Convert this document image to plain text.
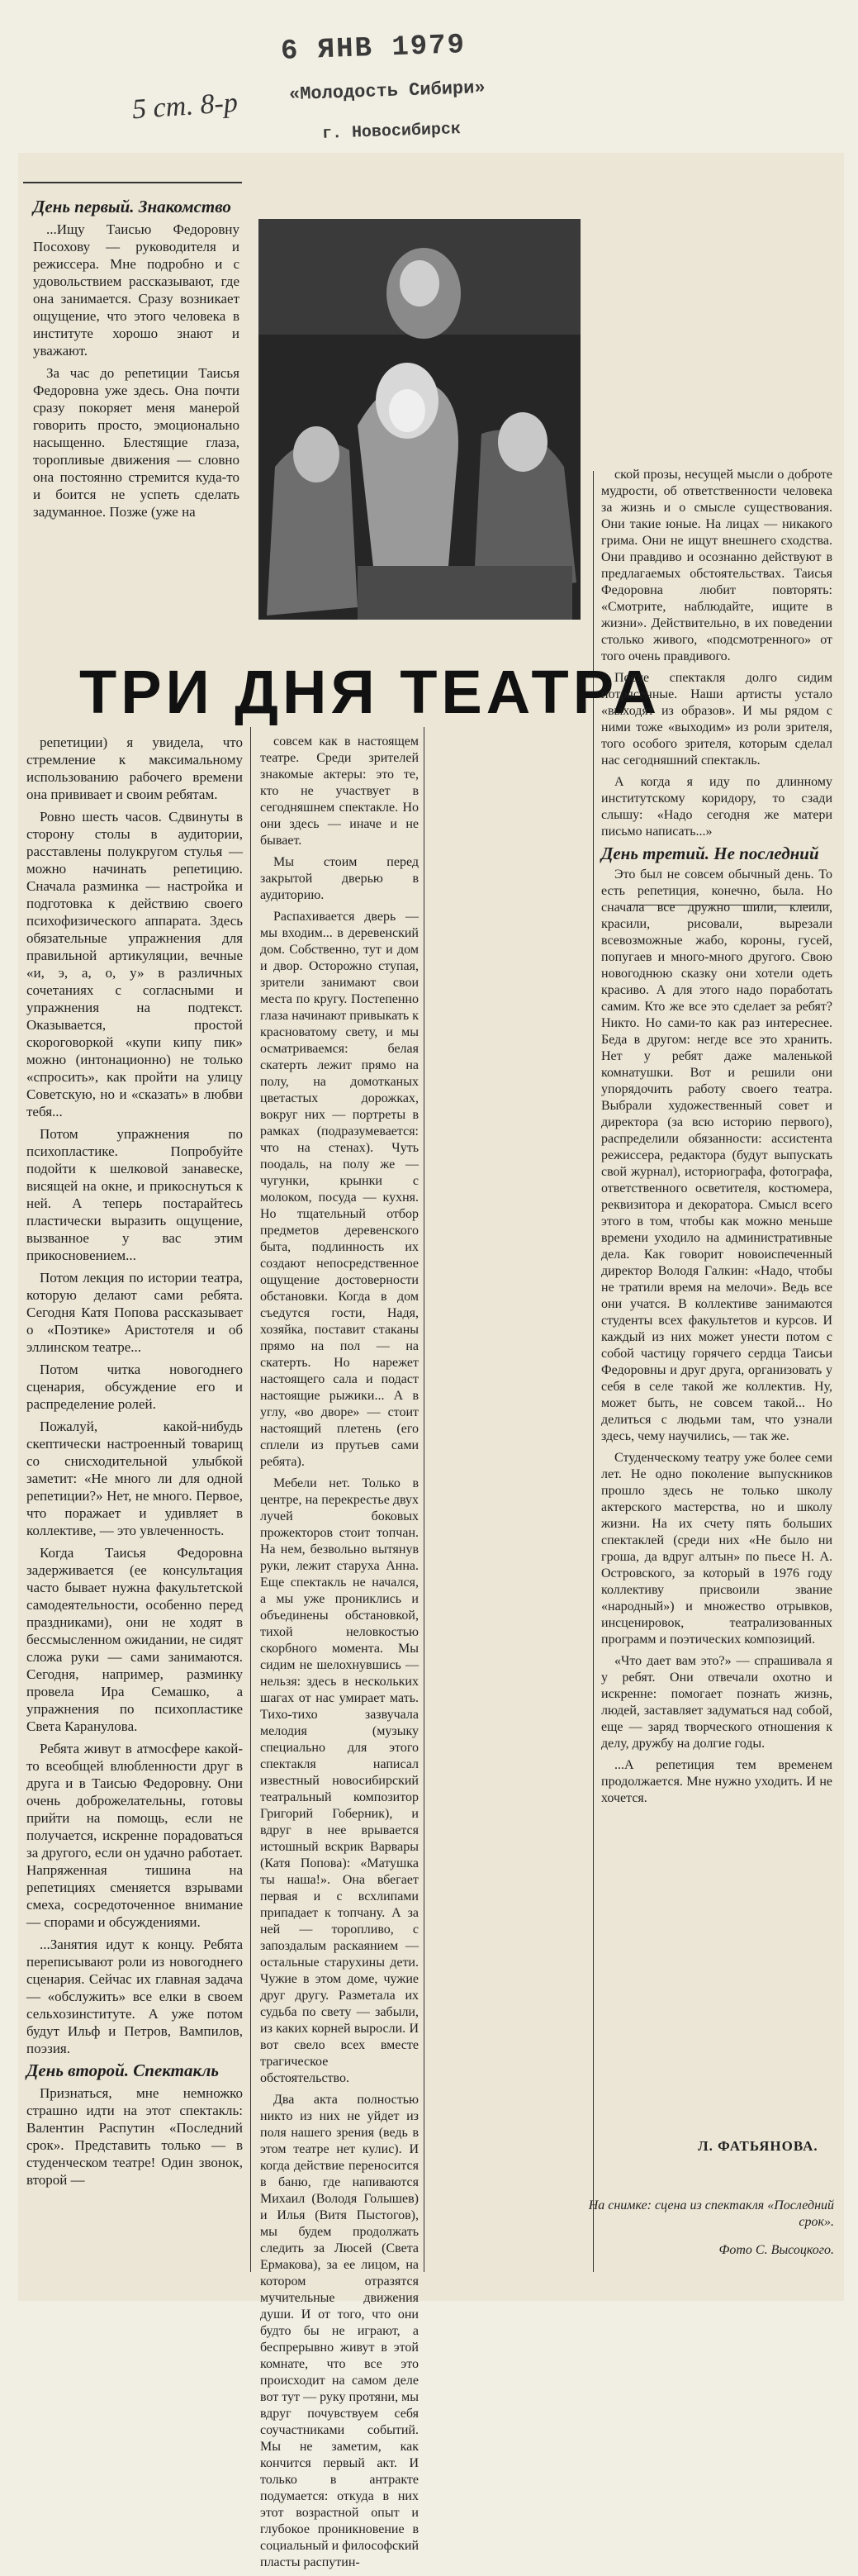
6 ЯНВ 1979
«Молодость Сибири»
г. Новосибирск
5 ст. 8-р

День первый. Знакомство

...Ищу Таисью Федоровну Посохову — руководителя и режиссера. Мне подробно и с удовольствием рассказывают, где она занимается. Сразу возникает ощущение, что этого человека в институте хорошо знают и уважают.

За час до репетиции Таисья Федоровна уже здесь. Она почти сразу покоряет меня манерой говорить просто, эмоционально насыщенно. Блестящие глаза, торопливые движения — словно она постоянно стремится куда-то и боится не успеть сделать задуманное. Позже (уже на

ТРИ ДНЯ ТЕАТРА

репетиции) я увидела, что стремление к максимальному использованию рабочего времени она прививает и своим ребятам.

Ровно шесть часов. Сдвинуты в сторону столы в аудитории, расставлены полукругом стулья — можно начинать репетицию. Сначала разминка — настройка и подготовка к действию своего психофизического аппарата. Здесь обязательные упражнения для правильной артикуляции, вечные «и, э, а, о, у» в различных сочетаниях с согласными и упражнения на подтекст. Оказывается, простой скороговоркой «купи кипу пик» можно (интонационно) не только «спросить», как пройти на улицу Советскую, но и «сказать» в любви тебя...

Потом упражнения по психопластике. Попробуйте подойти к шелковой занавеске, висящей на окне, и прикоснуться к ней. А теперь постарайтесь пластически выразить ощущение, вызванное у вас этим прикосновением...

Потом лекция по истории театра, которую делают сами ребята. Сегодня Катя Попова рассказывает о «Поэтике» Аристотеля и об эллинском театре...

Потом читка новогоднего сценария, обсуждение его и распределение ролей.

Пожалуй, какой-нибудь скептически настроенный товарищ со снисходительной улыбкой заметит: «Не много ли для одной репетиции?» Нет, не много. Первое, что поражает и удивляет в коллективе, — это увлеченность.

Когда Таисья Федоровна задерживается (ее консультация часто бывает нужна факультетской самодеятельности, особенно перед праздниками), они не ходят в бессмысленном ожидании, не сидят сложа руки — сами занимаются. Сегодня, например, разминку провела Ира Семашко, а упражнения по психопластике Света Каранулова.

Ребята живут в атмосфере какой-то всеобщей влюбленности друг в друга и в Таисью Федоровну. Они очень доброжелательны, готовы прийти на помощь, если не получается, искренне порадоваться за другого, если он удачно работает. Напряженная тишина на репетициях сменяется взрывами смеха, сосредоточенное внимание — спорами и обсуждениями.

...Занятия идут к концу. Ребята переписывают роли из новогоднего сценария. Сейчас их главная задача — «обслужить» все елки в своем сельхозинституте. А уже потом будут Ильф и Петров, Вампилов, поэзия.

День второй. Спектакль

Признаться, мне немножко страшно идти на этот спектакль: Валентин Распутин «Последний срок». Представить только — в студенческом театре! Один звонок, второй —

совсем как в настоящем театре. Среди зрителей знакомые актеры: это те, кто не участвует в сегодняшнем спектакле. Но они здесь — иначе и не бывает.

Мы стоим перед закрытой дверью в аудиторию.

Распахивается дверь — мы входим... в деревенский дом. Собственно, тут и дом и двор. Осторожно ступая, зрители занимают свои места по кругу. Постепенно глаза начинают привыкать к красноватому свету, и мы осматриваемся: белая скатерть лежит прямо на полу, на домотканых цветастых дорожках, вокруг них — портреты в рамках (подразумевается: что на стенах). Чуть поодаль, на полу же — чугунки, крынки с молоком, посуда — кухня. Но тщательный отбор предметов деревенского быта, подлинность их создают непосредственное ощущение достоверности обстановки. Когда в дом съедутся гости, Надя, хозяйка, поставит стаканы прямо на пол — на скатерть. Но нарежет настоящего сала и подаст настоящие рыжики... А в углу, «во дворе» — стоит настоящий плетень (его сплели из прутьев сами ребята).

Мебели нет. Только в центре, на перекрестье двух лучей боковых прожекторов стоит топчан. На нем, безвольно вытянув руки, лежит старуха Анна. Еще спектакль не начался, а мы уже прониклись и объединены обстановкой, тихой неловкостью скорбного момента. Мы сидим не шелохнувшись — нельзя: здесь в нескольких шагах от нас умирает мать. Тихо-тихо зазвучала мелодия (музыку специально для этого спектакля написал известный новосибирский театральный композитор Григорий Гоберник), и вдруг в нее врывается истошный вскрик Варвары (Катя Попова): «Матушка ты наша!». Она вбегает первая и с всхлипами припадает к топчану. А за ней — торопливо, с запоздалым раскаянием — остальные старухины дети. Чужие в этом доме, чужие друг другу. Разметала их судьба по свету — забыли, из каких корней выросли. И вот свело всех вместе трагическое обстоятельство.

Два акта полностью никто из них не уйдет из поля нашего зрения (ведь в этом театре нет кулис). И когда действие переносится в баню, где напиваются Михаил (Володя Голышев) и Илья (Витя Пыстогов), мы будем продолжать следить за Люсей (Света Ермакова), за ее лицом, на котором отразятся мучительные движения души. И от того, что они будто бы не играют, а беспрерывно живут в этой комнате, что все это происходит на самом деле вот тут — руку протяни, мы вдруг почувствуем себя соучастниками событий. Мы не заметим, как кончится первый акт. И только в антракте подумается: откуда в них этот возрастной опыт и глубокое проникновение в социальный и философский пласты распутин-

ской прозы, несущей мысли о доброте мудрости, об ответственности человека за жизнь и о смысле существования. Они такие юные. На лицах — никакого грима. Они не ищут внешнего сходства. Они правдиво и осознанно действуют в предлагаемых обстоятельствах. Таисья Федоровна любит повторять: «Смотрите, наблюдайте, ищите в жизни». Действительно, в их поведении столько живого, «подсмотренного» от того очень правдивого.

После спектакля долго сидим потрясенные. Наши артисты устало «выходят из образов». И мы рядом с ними тоже «выходим» из роли зрителя, того особого зрителя, которым сделал нас сегодняшний спектакль.

А когда я иду по длинному институтскому коридору, то сзади слышу: «Надо сегодня же матери письмо написать...»

День третий. Не последний

Это был не совсем обычный день. То есть репетиция, конечно, была. Но сначала все дружно шили, клеили, красили, рисовали, вырезали всевозможные жабо, короны, гусей, попугаев и много-много другого. Свою новогоднюю сказку они хотели одеть красиво. А для этого надо поработать самим. Кто же все это сделает за ребят? Никто. Но сами-то как раз интереснее. Беда в другом: негде все это хранить. Нет у ребят даже маленькой комнатушки. Вот и решили они упорядочить работу своего театра. Выбрали художественный совет и директора (за всю историю первого), распределили обязанности: ассистента режиссера, редактора (будут выпускать свой журнал), историографа, фотографа, ответственного осветителя, костюмера, реквизитора и декоратора. Смысл всего этого в том, чтобы как можно меньше времени уходило на административные дела. Как говорит новоиспеченный директор Володя Галкин: «Надо, чтобы не тратили время на мелочи». Ведь все они учатся. В коллективе занимаются студенты всех факультетов и курсов. И каждый из них может унести потом с собой частицу горячего сердца Таисьи Федоровны и друг друга, организовать у себя в селе такой же коллектив. Ну, может быть, не совсем такой... Но делиться с людьми там, что узнали здесь, чему научились, — так же.

Студенческому театру уже более семи лет. Не одно поколение выпускников прошло здесь не только школу актерского мастерства, но и школу жизни. На их счету пять больших спектаклей (среди них «Не было ни гроша, да вдруг алтын» по пьесе Н. А. Островского, за который в 1976 году коллективу присвоили звание «народный») и множество отрывков, инсценировок, театрализованных программ и поэтических композиций.

«Что дает вам это?» — спрашивала я у ребят. Они отвечали охотно и искренне: помогает познать жизнь, людей, заставляет задуматься над собой, еще — заряд творческого отношения к делу, дружбу на долгие годы.

...А репетиция тем временем продолжается. Мне нужно уходить. И не хочется.

Л. ФАТЬЯНОВА.
На снимке: сцена из спектакля «Последний срок».
Фото С. Высоцкого.
